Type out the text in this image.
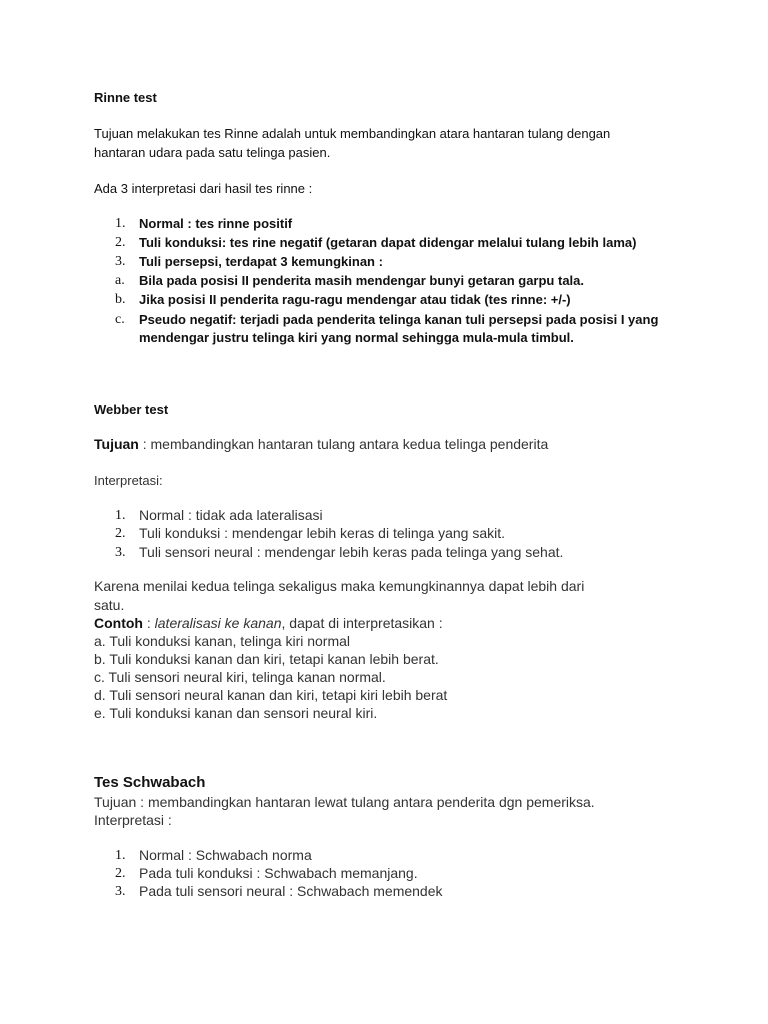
Rinne test

Tujuan melakukan tes Rinne adalah untuk membandingkan atara hantaran tulang dengan

hantaran udara pada satu telinga pasien.

Ada 3 interpretasi dari hasil tes rinne :

1. Normal : tes rinne positif
2. Tuli konduksi: tes rine negatif (getaran dapat didengar melalui tulang lebih lama)
3. Tuli persepsi, terdapat 3 kemungkinan :
a. Bila pada posisi II penderita masih mendengar bunyi getaran garpu tala.
b. Jika posisi II penderita ragu-ragu mendengar atau tidak (tes rinne: +/-)
c. Pseudo negatif: terjadi pada penderita telinga kanan tuli persepsi pada posisi I yang
mendengar justru telinga kiri yang normal sehingga mula-mula timbul.

Webber test

Tujuan : membandingkan hantaran tulang antara kedua telinga penderita

Interpretasi:

1. Normal : tidak ada lateralisasi
2. Tuli konduksi : mendengar lebih keras di telinga yang sakit.
3. Tuli sensori neural : mendengar lebih keras pada telinga yang sehat.

Karena menilai kedua telinga sekaligus maka kemungkinannya dapat lebih dari

satu.

Contoh : lateralisasi ke kanan, dapat di interpretasikan :

a. Tuli konduksi kanan, telinga kiri normal

b. Tuli konduksi kanan dan kiri, tetapi kanan lebih berat.

c. Tuli sensori neural kiri, telinga kanan normal.

d. Tuli sensori neural kanan dan kiri, tetapi kiri lebih berat

e. Tuli konduksi kanan dan sensori neural kiri.

Tes Schwabach

Tujuan : membandingkan hantaran lewat tulang antara penderita dgn pemeriksa.

Interpretasi :

1. Normal : Schwabach norma
2. Pada tuli konduksi : Schwabach memanjang.
3. Pada tuli sensori neural : Schwabach memendek
